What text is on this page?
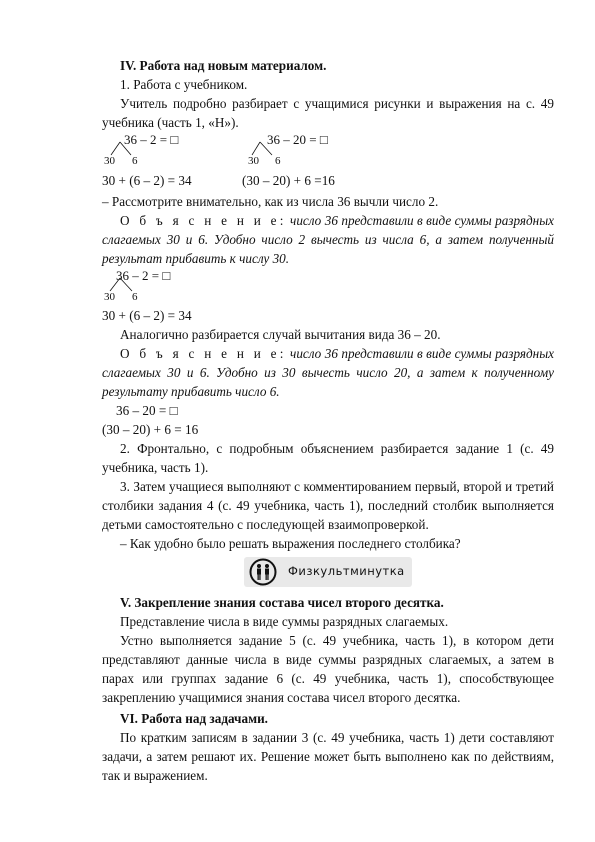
IV. Работа над новым материалом.

1. Работа с учебником.

Учитель подробно разбирает с учащимися рисунки и выражения на с. 49 учебника (часть 1, «Н»).

36 – 2 = □
30 6
36 – 20 = □
30 6
30 + (6 – 2) = 34	(30 – 20) + 6 =16

– Рассмотрите внимательно, как из числа 36 вычли число 2.

О б ъ я с н е н и е: число 36 представили в виде суммы разрядных слагаемых 30 и 6. Удобно число 2 вычесть из числа 6, а затем полученный результат прибавить к числу 30.

36 – 2 = □
30 6

30 + (6 – 2) = 34

Аналогично разбирается случай вычитания вида 36 – 20.

О б ъ я с н е н и е: число 36 представили в виде суммы разрядных слагаемых 30 и 6. Удобно из 30 вычесть число 20, а затем к полученному результату прибавить число 6.

36 – 20 = □

(30 – 20) + 6 = 16

2. Фронтально, с подробным объяснением разбирается задание 1 (с. 49 учебника, часть 1).

3. Затем учащиеся выполняют с комментированием первый, второй и третий столбики задания 4 (с. 49 учебника, часть 1), последний столбик выполняется детьми самостоятельно с последующей взаимопроверкой.

– Как удобно было решать выражения последнего столбика?

Физкультминутка

V. Закрепление знания состава чисел второго десятка.

Представление числа в виде суммы разрядных слагаемых.

Устно выполняется задание 5 (с. 49 учебника, часть 1), в котором дети представляют данные числа в виде суммы разрядных слагаемых, а затем в парах или группах задание 6 (с. 49 учебника, часть 1), способствующее закреплению учащимися знания состава чисел второго десятка.

VI. Работа над задачами.

По кратким записям в задании 3 (с. 49 учебника, часть 1) дети составляют задачи, а затем решают их. Решение может быть выполнено как по действиям, так и выражением.
